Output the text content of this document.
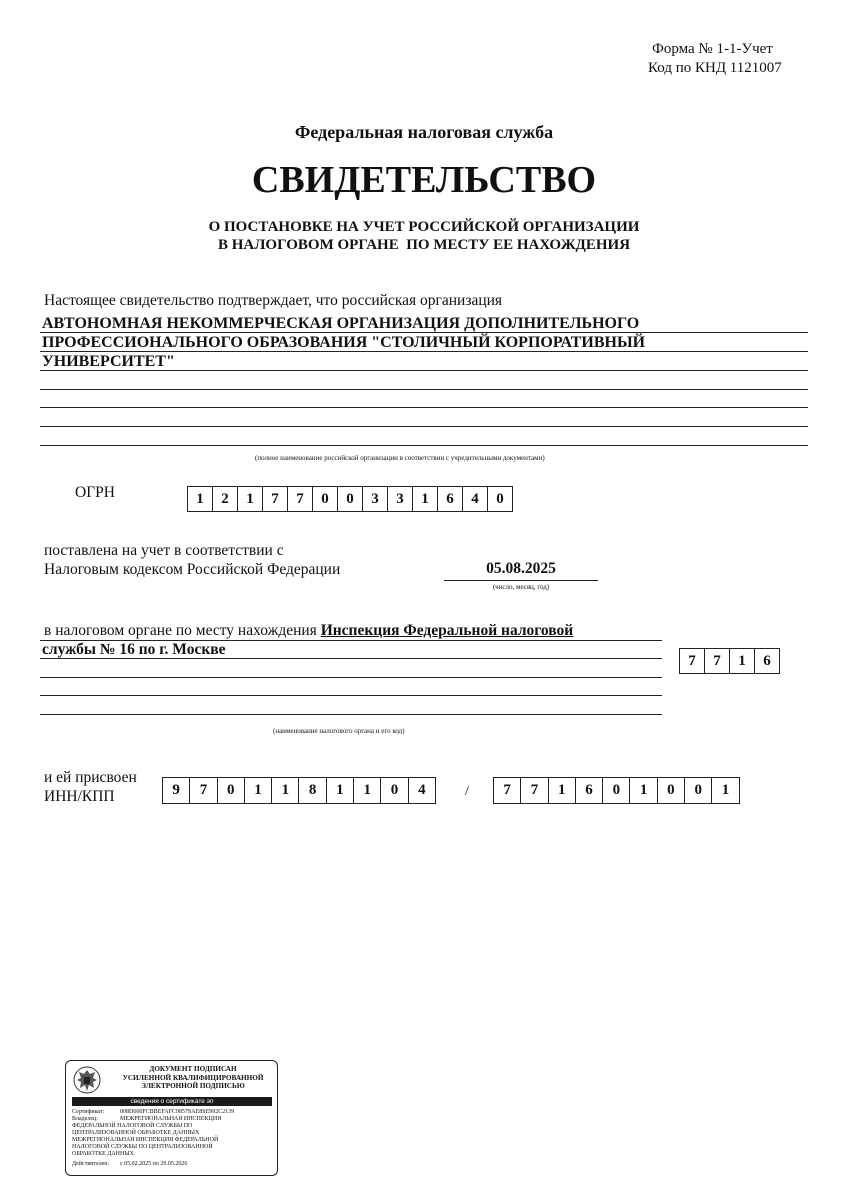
Форма № 1-1-Учет
Код по КНД 1121007
Федеральная налоговая служба
СВИДЕТЕЛЬСТВО
О ПОСТАНОВКЕ НА УЧЕТ РОССИЙСКОЙ ОРГАНИЗАЦИИ
В НАЛОГОВОМ ОРГАНЕ  ПО МЕСТУ ЕЕ НАХОЖДЕНИЯ
Настоящее свидетельство подтверждает, что российская организация
АВТОНОМНАЯ НЕКОММЕРЧЕСКАЯ ОРГАНИЗАЦИЯ ДОПОЛНИТЕЛЬНОГО
ПРОФЕССИОНАЛЬНОГО ОБРАЗОВАНИЯ "СТОЛИЧНЫЙ КОРПОРАТИВНЫЙ
УНИВЕРСИТЕТ"
(полное наименование российской организации в соответствии с учредительными документами)
ОГРН	1	2	1	7	7	0	0	3	3	1	6	4	0
поставлена на учет в соответствии с
Налоговым кодексом Российской Федерации	05.08.2025
(число, месяц, год)
в налоговом органе по месту нахождения Инспекция Федеральной налоговой
службы № 16 по г. Москве
7	7	1	6
(наименование налогового органа и его код)
и ей присвоен
ИНН/КПП	9	7	0	1	1	8	1	1	0	4	/	7	7	1	6	0	1	0	0	1
ДОКУМЕНТ ПОДПИСАН
УСИЛЕННОЙ КВАЛИФИЦИРОВАННОЙ
ЭЛЕКТРОННОЙ ПОДПИСЬЮ
сведения о сертификате эп
Сертификат:	008D600FCBBEFAFC9857SAE8SE992C2139
Владелец:	МЕЖРЕГИОНАЛЬНАЯ ИНСПЕКЦИЯ
ФЕДЕРАЛЬНОЙ НАЛОГОВОЙ СЛУЖБЫ ПО
ЦЕНТРАЛИЗОВАННОЙ ОБРАБОТКЕ ДАННЫХ
МЕЖРЕГИОНАЛЬНАЯ ИНСПЕКЦИЯ ФЕДЕРАЛЬНОЙ
НАЛОГОВОЙ СЛУЖБЫ ПО ЦЕНТРАЛИЗОВАННОЙ
ОБРАБОТКЕ ДАННЫХ
Действителен: с 05.02.2025 по 29.05.2026
